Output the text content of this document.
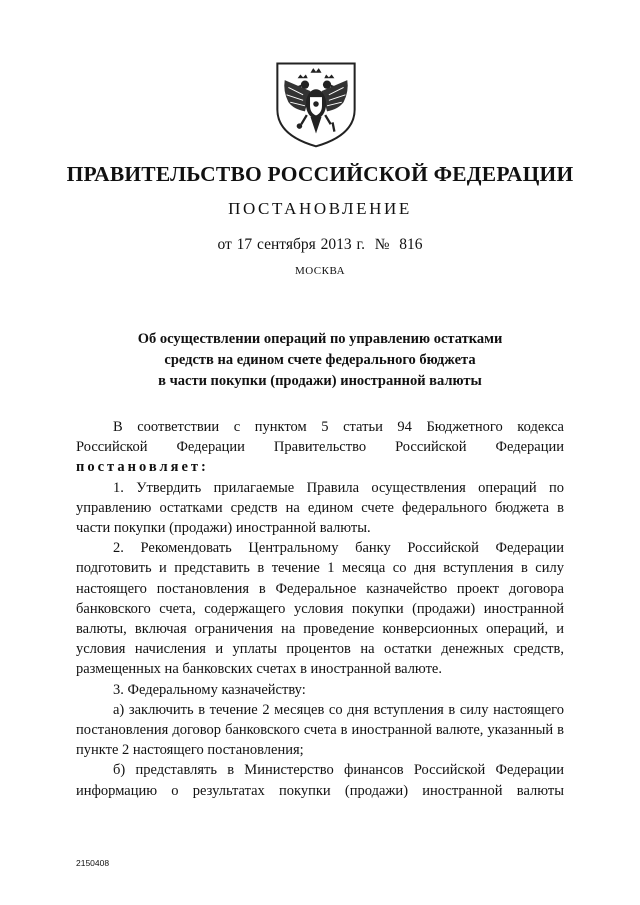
ПРАВИТЕЛЬСТВО РОССИЙСКОЙ ФЕДЕРАЦИИ
ПОСТАНОВЛЕНИЕ
от 17 сентября 2013 г.  №  816
МОСКВА
Об осуществлении операций по управлению остатками
средств на едином счете федерального бюджета
в части покупки (продажи) иностранной валюты

В соответствии с пунктом 5 статьи 94 Бюджетного кодекса

Российской Федерации Правительство Российской Федерации

постановляет:

1. Утвердить прилагаемые Правила осуществления операций по управлению остатками средств на едином счете федерального бюджета в части покупки (продажи) иностранной валюты.

2. Рекомендовать Центральному банку Российской Федерации подготовить и представить в течение 1 месяца со дня вступления в силу настоящего постановления в Федеральное казначейство проект договора банковского счета, содержащего условия покупки (продажи) иностранной валюты, включая ограничения на проведение конверсионных операций, и условия начисления и уплаты процентов на остатки денежных средств, размещенных на банковских счетах в иностранной валюте.

3. Федеральному казначейству:

а) заключить в течение 2 месяцев со дня вступления в силу настоящего постановления договор банковского счета в иностранной валюте, указанный в пункте 2 настоящего постановления;

б) представлять в Министерство финансов Российской Федерации информацию о результатах покупки (продажи) иностранной валюты

2150408
